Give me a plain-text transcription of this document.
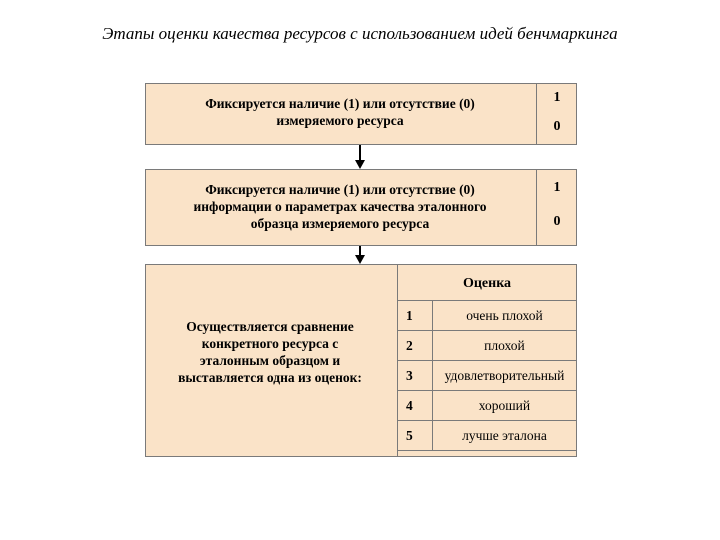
Этапы оценки качества ресурсов с использованием идей бенчмаркинга
Фиксируется наличие (1) или отсутствие (0)
измеряемого ресурса
1
0
Фиксируется наличие (1) или отсутствие (0)
информации о параметрах качества эталонного
образца измеряемого ресурса
1
0
Осуществляется сравнение
конкретного ресурса с
эталонным образцом и
выставляется одна из оценок:
Оценка
1	очень плохой
2	плохой
3	удовлетворительный
4	хороший
5	лучше эталона
